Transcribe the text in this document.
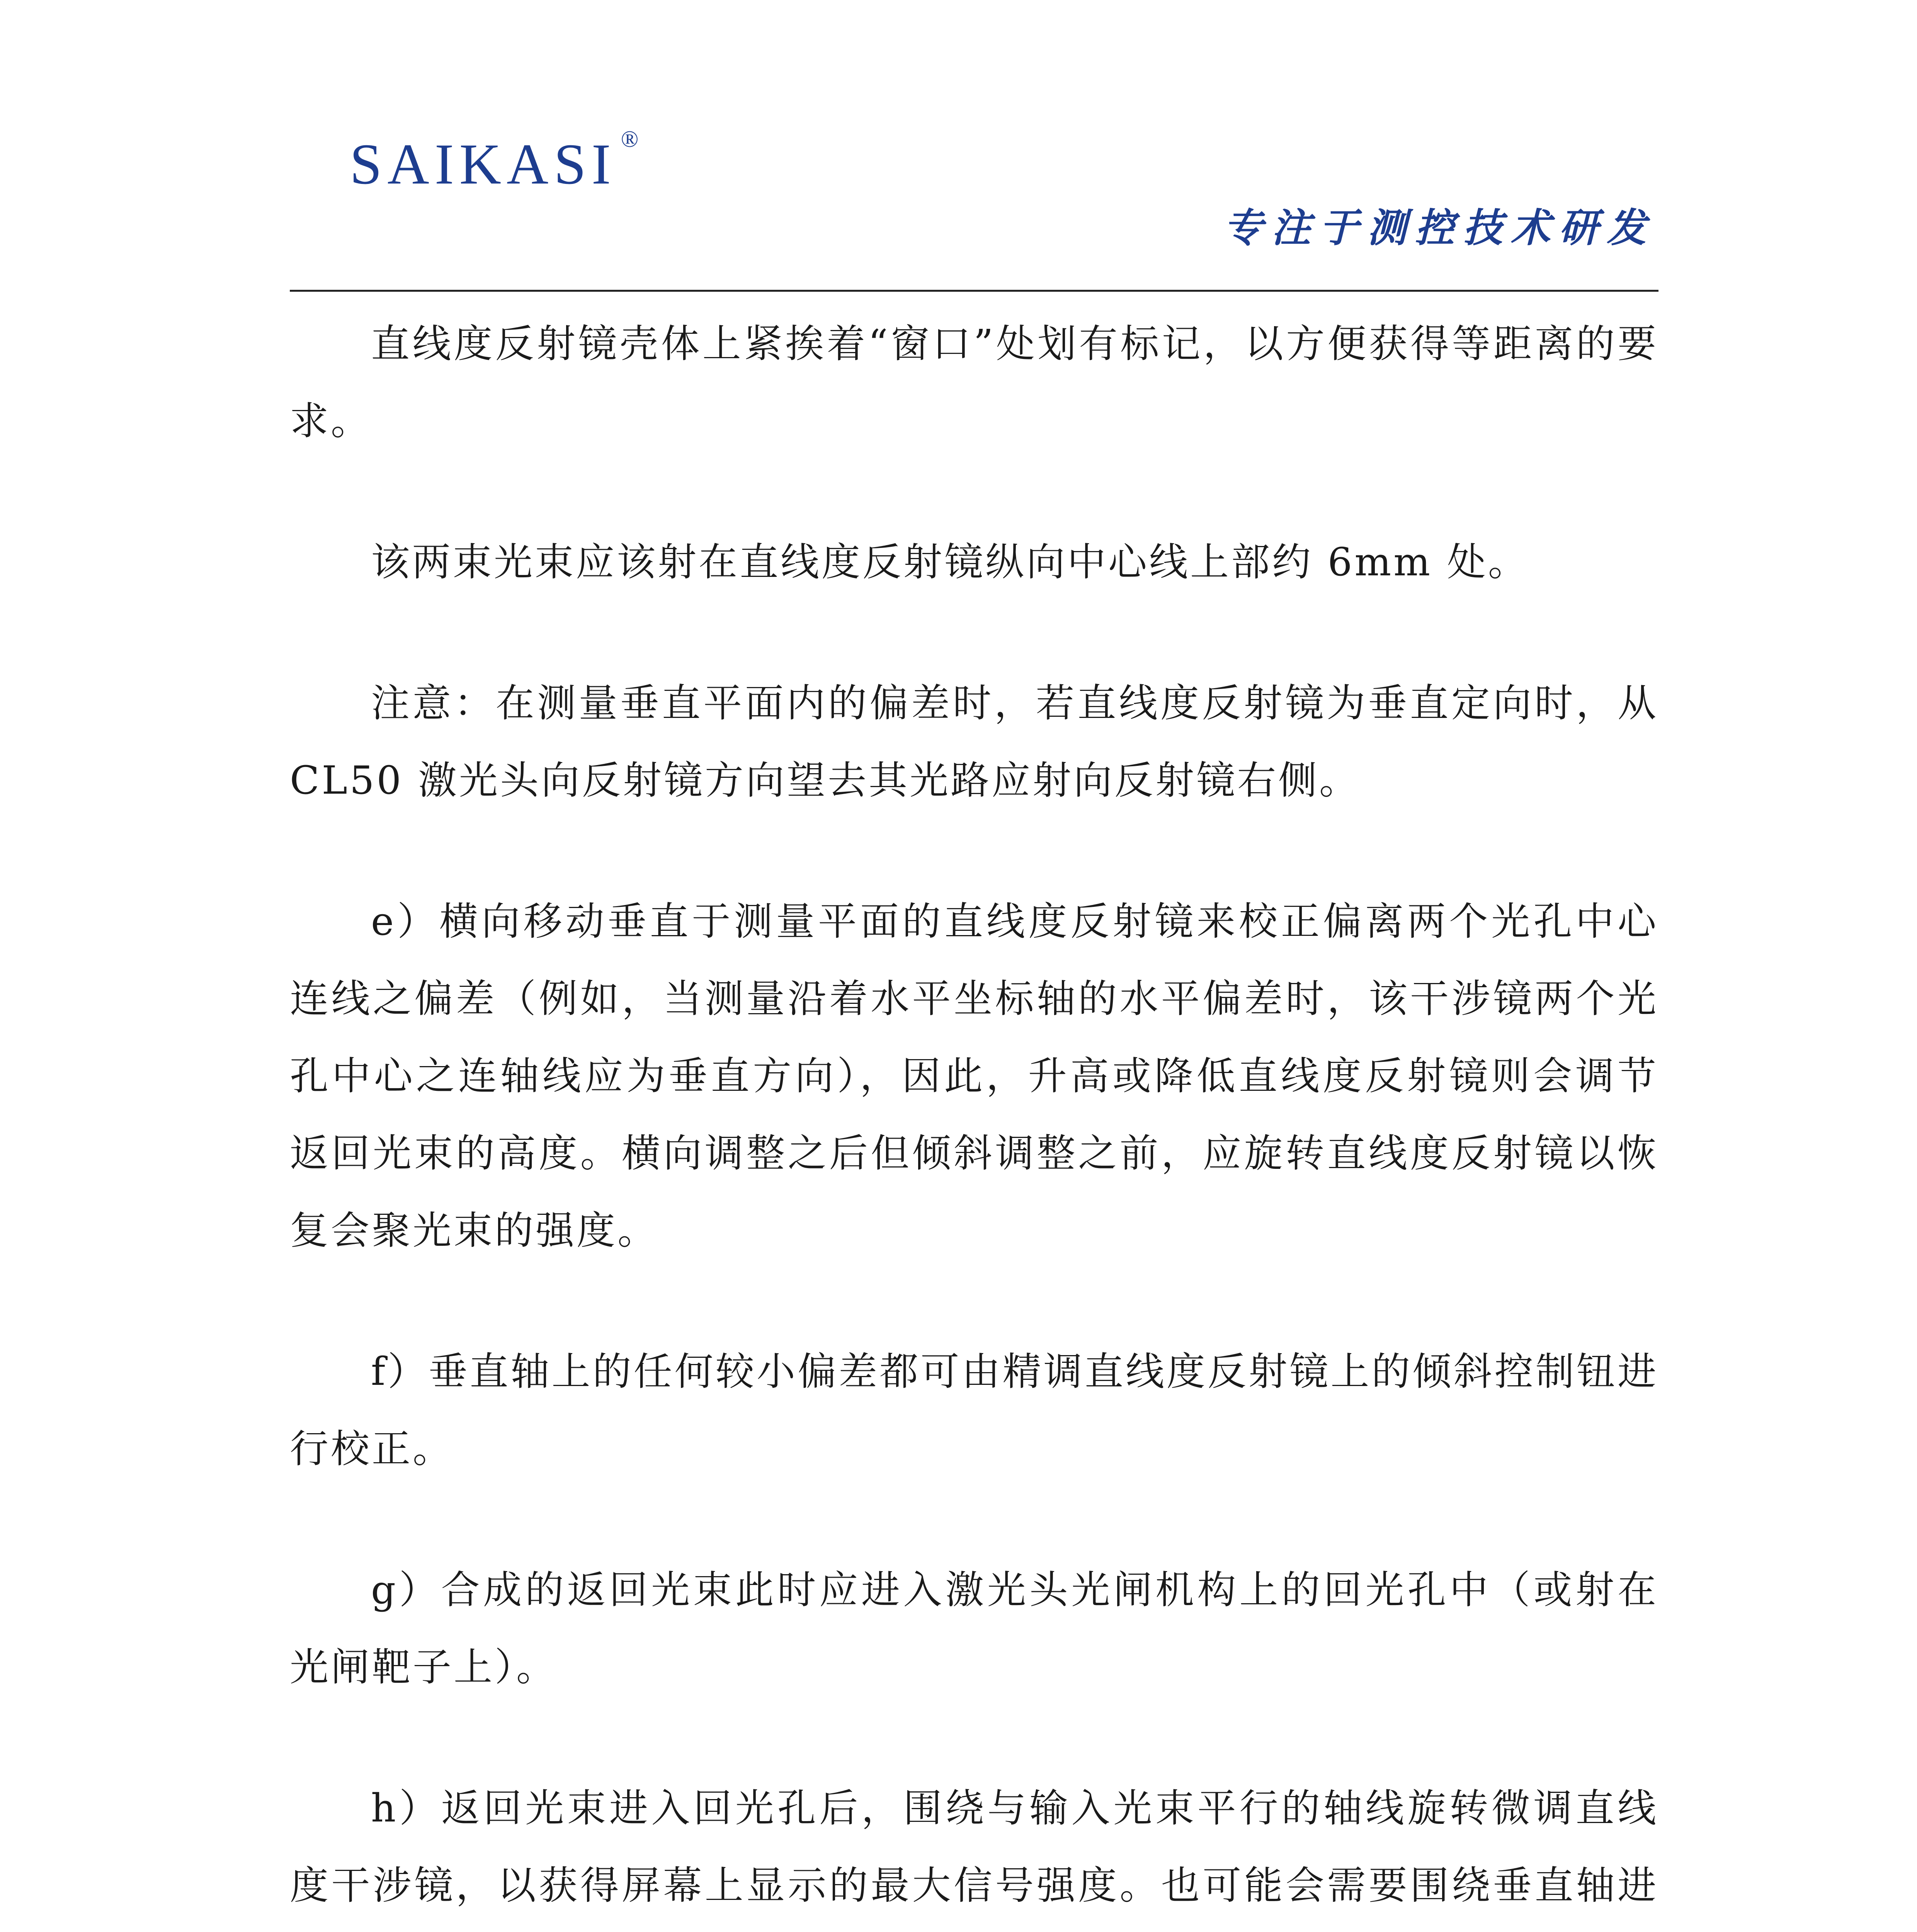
SAIKASI ®
专注于测控技术研发

直线度反射镜壳体上紧挨着“窗口”处划有标记，以方便获得等距离的要求。

该两束光束应该射在直线度反射镜纵向中心线上部约 6mm 处。

注意：在测量垂直平面内的偏差时，若直线度反射镜为垂直定向时，从 CL50 激光头向反射镜方向望去其光路应射向反射镜右侧。

e）横向移动垂直于测量平面的直线度反射镜来校正偏离两个光孔中心连线之偏差（例如，当测量沿着水平坐标轴的水平偏差时，该干涉镜两个光孔中心之连轴线应为垂直方向），因此，升高或降低直线度反射镜则会调节返回光束的高度。横向调整之后但倾斜调整之前，应旋转直线度反射镜以恢复会聚光束的强度。

f）垂直轴上的任何较小偏差都可由精调直线度反射镜上的倾斜控制钮进行校正。

g）合成的返回光束此时应进入激光头光闸机构上的回光孔中（或射在光闸靶子上）。

h）返回光束进入回光孔后，围绕与输入光束平行的轴线旋转微调直线度干涉镜，以获得屏幕上显示的最大信号强度。也可能会需要围绕垂直轴进
